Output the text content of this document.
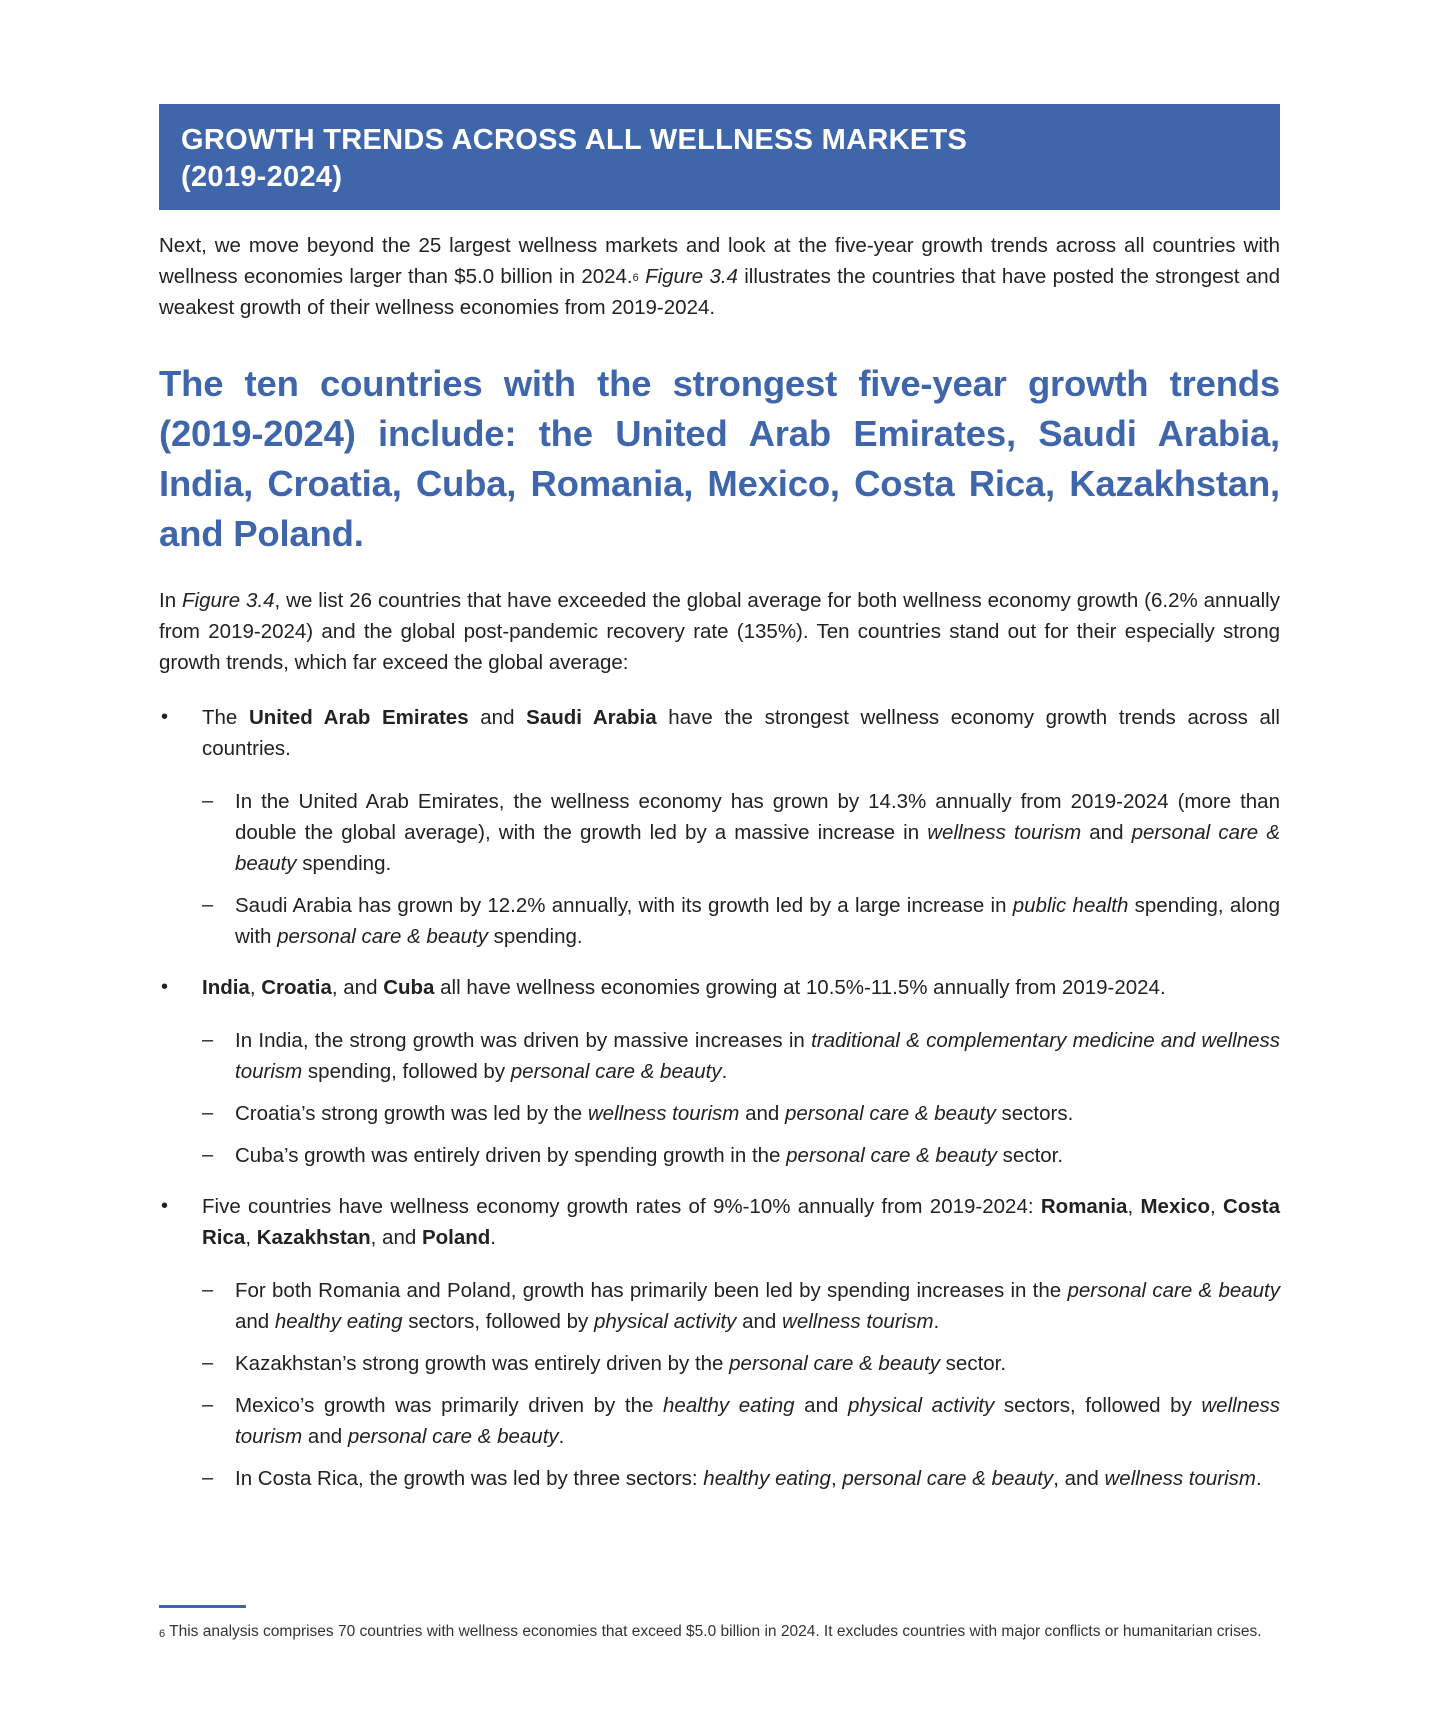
GROWTH TRENDS ACROSS ALL WELLNESS MARKETS
(2019-2024)

Next, we move beyond the 25 largest wellness markets and look at the five-year growth trends across all countries with wellness economies larger than $5.0 billion in 2024.$^6$ Figure 3.4 illustrates the countries that have posted the strongest and weakest growth of their wellness economies from 2019-2024.

The ten countries with the strongest five-year growth trends (2019-2024) include: the United Arab Emirates, Saudi Arabia, India, Croatia, Cuba, Romania, Mexico, Costa Rica, Kazakhstan, and Poland.

In Figure 3.4, we list 26 countries that have exceeded the global average for both wellness economy growth (6.2% annually from 2019-2024) and the global post-pandemic recovery rate (135%). Ten countries stand out for their especially strong growth trends, which far exceed the global average:

• The United Arab Emirates and Saudi Arabia have the strongest wellness economy growth trends across all countries.
– In the United Arab Emirates, the wellness economy has grown by 14.3% annually from 2019-2024 (more than double the global average), with the growth led by a massive increase in wellness tourism and personal care & beauty spending.
– Saudi Arabia has grown by 12.2% annually, with its growth led by a large increase in public health spending, along with personal care & beauty spending.
• India, Croatia, and Cuba all have wellness economies growing at 10.5%-11.5% annually from 2019-2024.
– In India, the strong growth was driven by massive increases in traditional & complementary medicine and wellness tourism spending, followed by personal care & beauty.
– Croatia’s strong growth was led by the wellness tourism and personal care & beauty sectors.
– Cuba’s growth was entirely driven by spending growth in the personal care & beauty sector.
• Five countries have wellness economy growth rates of 9%-10% annually from 2019-2024: Romania, Mexico, Costa Rica, Kazakhstan, and Poland.
– For both Romania and Poland, growth has primarily been led by spending increases in the personal care & beauty and healthy eating sectors, followed by physical activity and wellness tourism.
– Kazakhstan’s strong growth was entirely driven by the personal care & beauty sector.
– Mexico’s growth was primarily driven by the healthy eating and physical activity sectors, followed by wellness tourism and personal care & beauty.
– In Costa Rica, the growth was led by three sectors: healthy eating, personal care & beauty, and wellness tourism.
$^6$ This analysis comprises 70 countries with wellness economies that exceed $5.0 billion in 2024. It excludes countries with major conflicts or humanitarian crises.
